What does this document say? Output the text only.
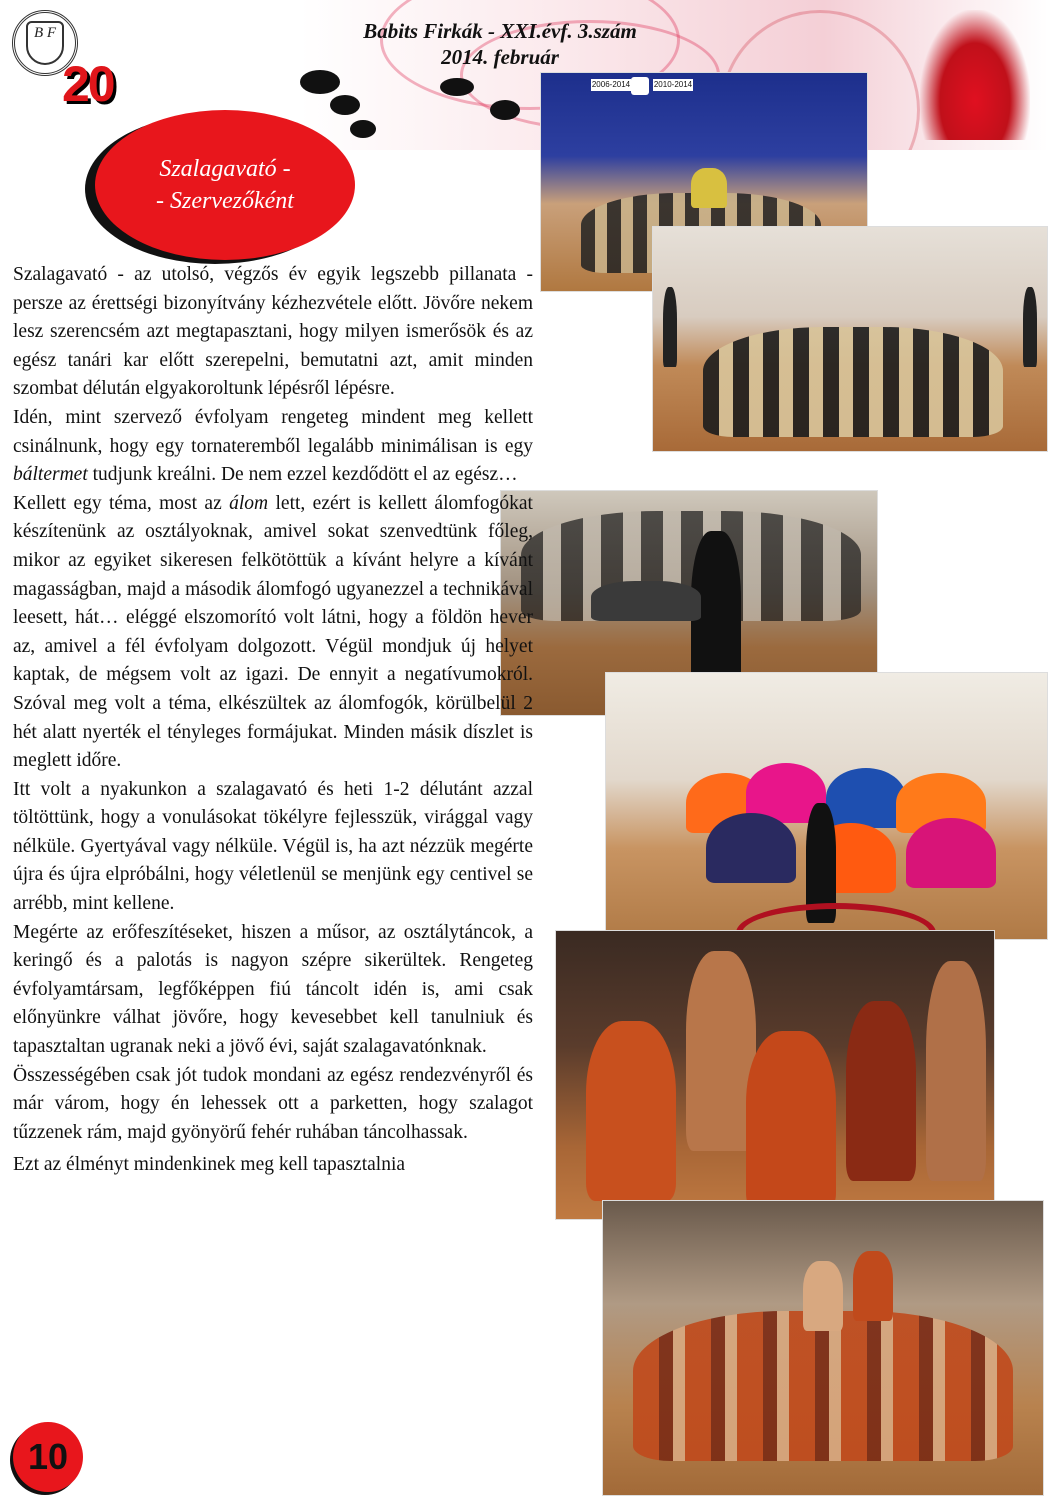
B F
20
Babits Firkák - XXI.évf. 3.szám
2014. február
Szalagavató -
- Szervezőként
2006-2014	2010-2014

Szalagavató - az utolsó, végzős év egyik legszebb pillanata - persze az érettségi bizonyítvány kézhezvétele előtt. Jövőre nekem lesz szerencsém azt megtapasztani, hogy milyen ismerősök és az egész tanári kar előtt szerepelni, bemutatni azt, amit minden szombat délután elgyakoroltunk lépésről lépésre.

Idén, mint szervező évfolyam rengeteg mindent meg kellett csinálnunk, hogy egy tornateremből legalább minimálisan is egy báltermet tudjunk kreálni. De nem ezzel kezdődött el az egész…

Kellett egy téma, most az álom lett, ezért is kellett álomfogókat készítenünk az osztályoknak, amivel sokat szenvedtünk főleg, mikor az egyiket sikeresen felkötöttük a kívánt helyre a kívánt magasságban, majd a második álomfogó ugyanezzel a technikával leesett, hát… eléggé elszomorító volt látni, hogy a földön hever az, amivel a fél évfolyam dolgozott. Végül mondjuk új helyet kaptak, de mégsem volt az igazi. De ennyit a negatívumokról. Szóval meg volt a téma, elkészültek az álomfogók, körülbelül 2 hét alatt nyerték el tényleges formájukat. Minden másik díszlet is meglett időre.

Itt volt a nyakunkon a szalagavató és heti 1-2 délutánt azzal töltöttünk, hogy a vonulásokat tökélyre fejlesszük, virággal vagy nélküle. Gyertyával vagy nélküle. Végül is, ha azt nézzük megérte újra és újra elpróbálni, hogy véletlenül se menjünk egy centivel se arrébb, mint kellene.

Megérte az erőfeszítéseket, hiszen a műsor, az osztálytáncok, a keringő és a palotás is nagyon szépre sikerültek. Rengeteg évfolyamtársam, legfőképpen fiú táncolt idén is, ami csak előnyünkre válhat jövőre, hogy kevesebbet kell tanulniuk és tapasztaltan ugranak neki a jövő évi, saját szalagavatónknak.

Összességében csak jót tudok mondani az egész rendezvényről és már várom, hogy én lehessek ott a parketten, hogy szalagot tűzzenek rám, majd gyönyörű fehér ruhában táncolhassak.

Ezt az élményt mindenkinek meg kell tapasztalnia

10
